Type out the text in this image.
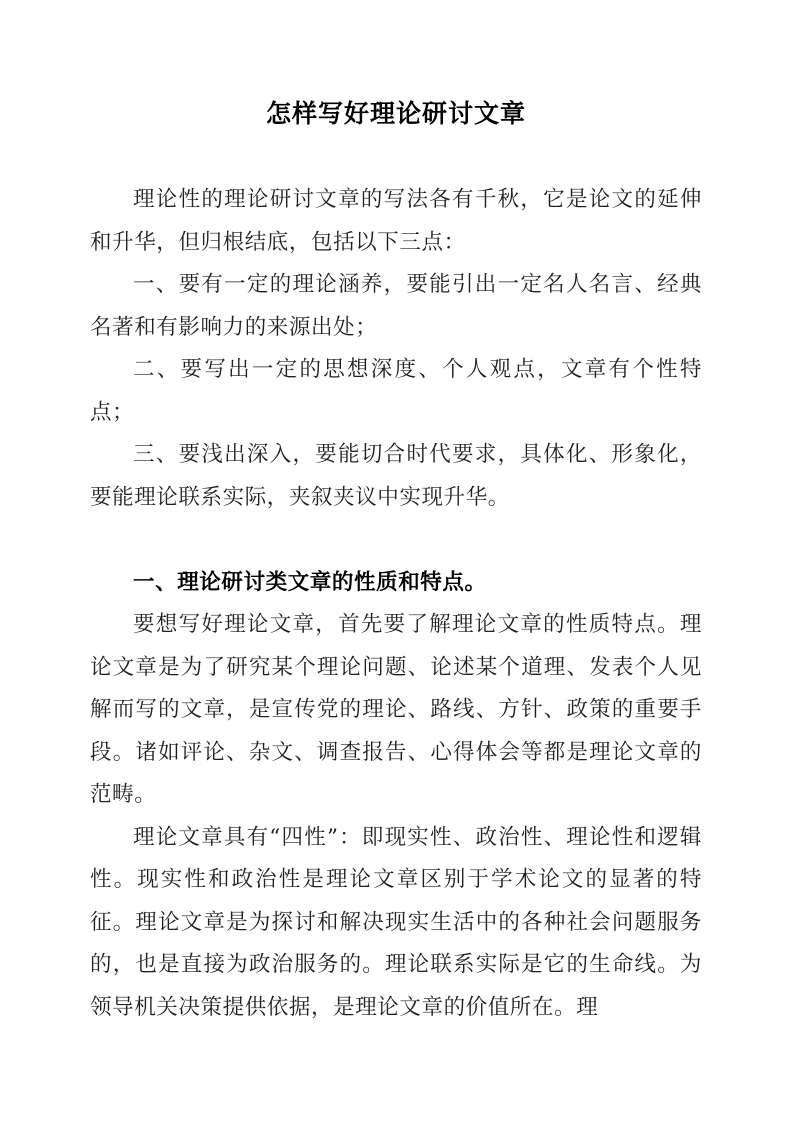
怎样写好理论研讨文章

理论性的理论研讨文章的写法各有千秋，它是论文的延伸和升华，但归根结底，包括以下三点：

一、要有一定的理论涵养，要能引出一定名人名言、经典名著和有影响力的来源出处；

二、要写出一定的思想深度、个人观点，文章有个性特点；

三、要浅出深入，要能切合时代要求，具体化、形象化，要能理论联系实际，夹叙夹议中实现升华。

一、理论研讨类文章的性质和特点。

要想写好理论文章，首先要了解理论文章的性质特点。理论文章是为了研究某个理论问题、论述某个道理、发表个人见解而写的文章，是宣传党的理论、路线、方针、政策的重要手段。诸如评论、杂文、调查报告、心得体会等都是理论文章的范畴。

理论文章具有“四性”：即现实性、政治性、理论性和逻辑性。现实性和政治性是理论文章区别于学术论文的显著的特征。理论文章是为探讨和解决现实生活中的各种社会问题服务的，也是直接为政治服务的。理论联系实际是它的生命线。为领导机关决策提供依据，是理论文章的价值所在。理
